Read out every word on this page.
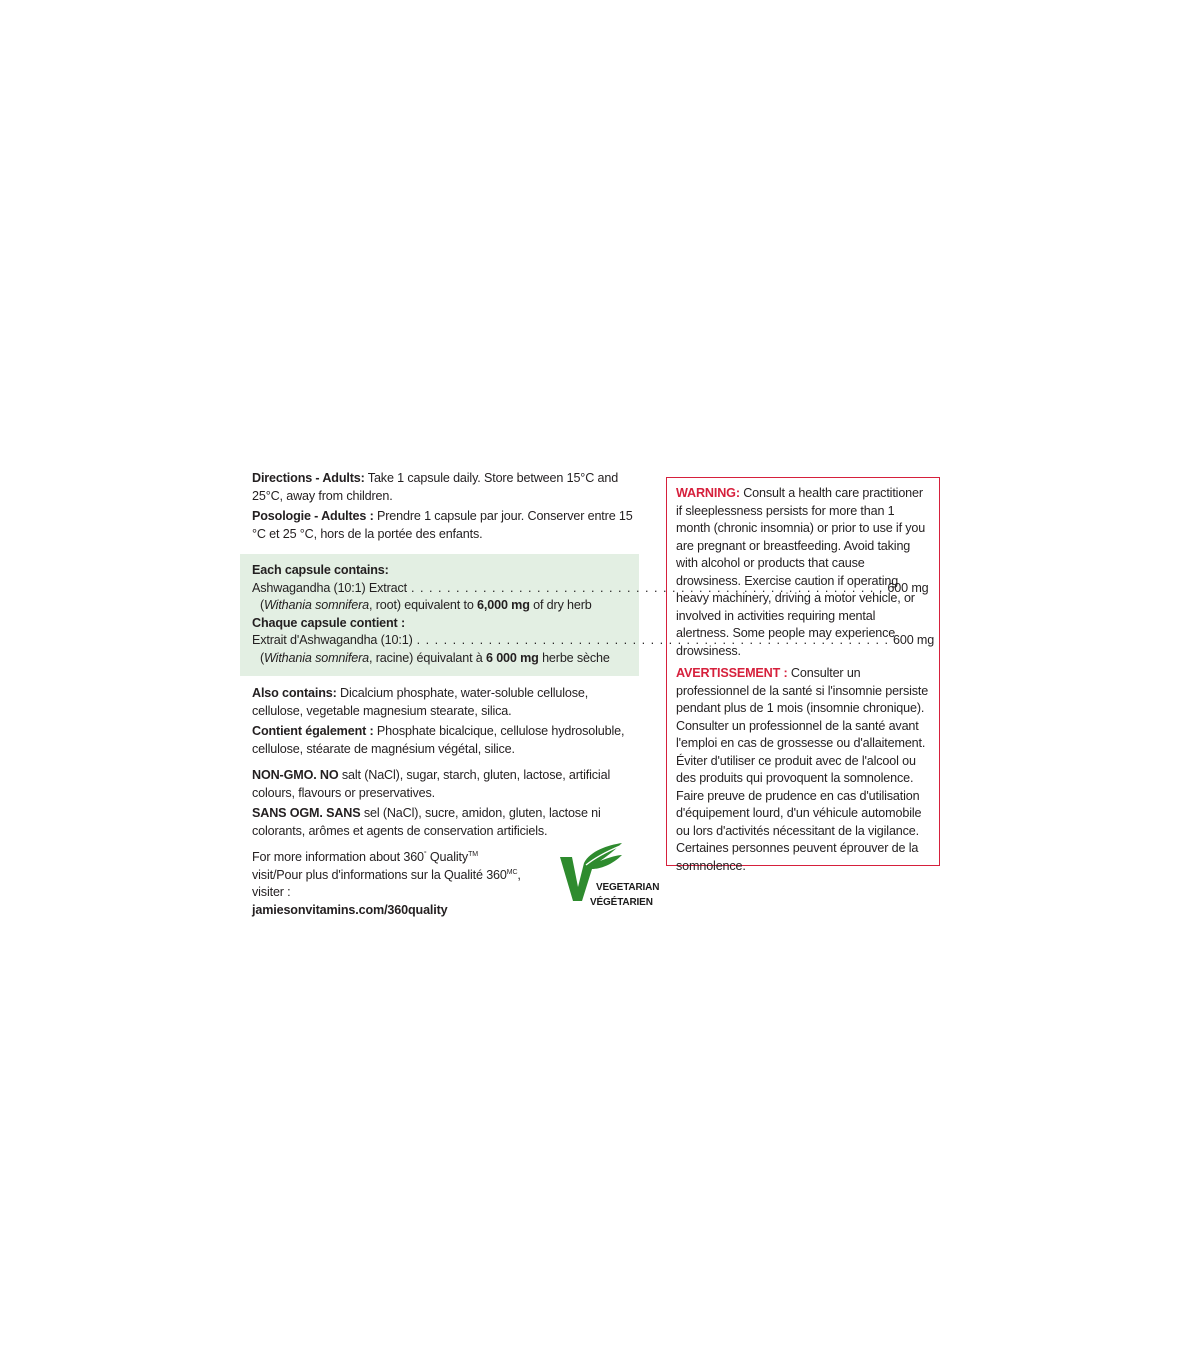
Directions - Adults: Take 1 capsule daily. Store between 15°C and 25°C, away from children.

Posologie - Adultes : Prendre 1 capsule par jour. Conserver entre 15 °C et 25 °C, hors de la portée des enfants.

Each capsule contains:

Ashwagandha (10:1) Extract . . .	600 mg

(Withania somnifera, root) equivalent to 6,000 mg of dry herb

Chaque capsule contient :

Extrait d'Ashwagandha (10:1) . . .	600 mg

(Withania somnifera, racine) équivalant à 6 000 mg herbe sèche

Also contains: Dicalcium phosphate, water-soluble cellulose, cellulose, vegetable magnesium stearate, silica.

Contient également : Phosphate bicalcique, cellulose hydrosoluble, cellulose, stéarate de magnésium végétal, silice.

NON-GMO. NO salt (NaCl), sugar, starch, gluten, lactose, artificial colours, flavours or preservatives.

SANS OGM. SANS sel (NaCl), sucre, amidon, gluten, lactose ni colorants, arômes et agents de conservation artificiels.

For more information about 360° Quality™ visit/Pour plus d'informations sur la Qualité $360^{MC}$, visiter :
jamiesonvitamins.com/360quality

VEGETARIAN
VÉGÉTARIEN

WARNING: Consult a health care practitioner if sleeplessness persists for more than 1 month (chronic insomnia) or prior to use if you are pregnant or breastfeeding. Avoid taking with alcohol or products that cause drowsiness. Exercise caution if operating heavy machinery, driving a motor vehicle, or involved in activities requiring mental alertness. Some people may experience drowsiness.

AVERTISSEMENT : Consulter un professionnel de la santé si l'insomnie persiste pendant plus de 1 mois (insomnie chronique). Consulter un professionnel de la santé avant l'emploi en cas de grossesse ou d'allaitement. Éviter d'utiliser ce produit avec de l'alcool ou des produits qui provoquent la somnolence. Faire preuve de prudence en cas d'utilisation d'équipement lourd, d'un véhicule automobile ou lors d'activités nécessitant de la vigilance. Certaines personnes peuvent éprouver de la somnolence.
